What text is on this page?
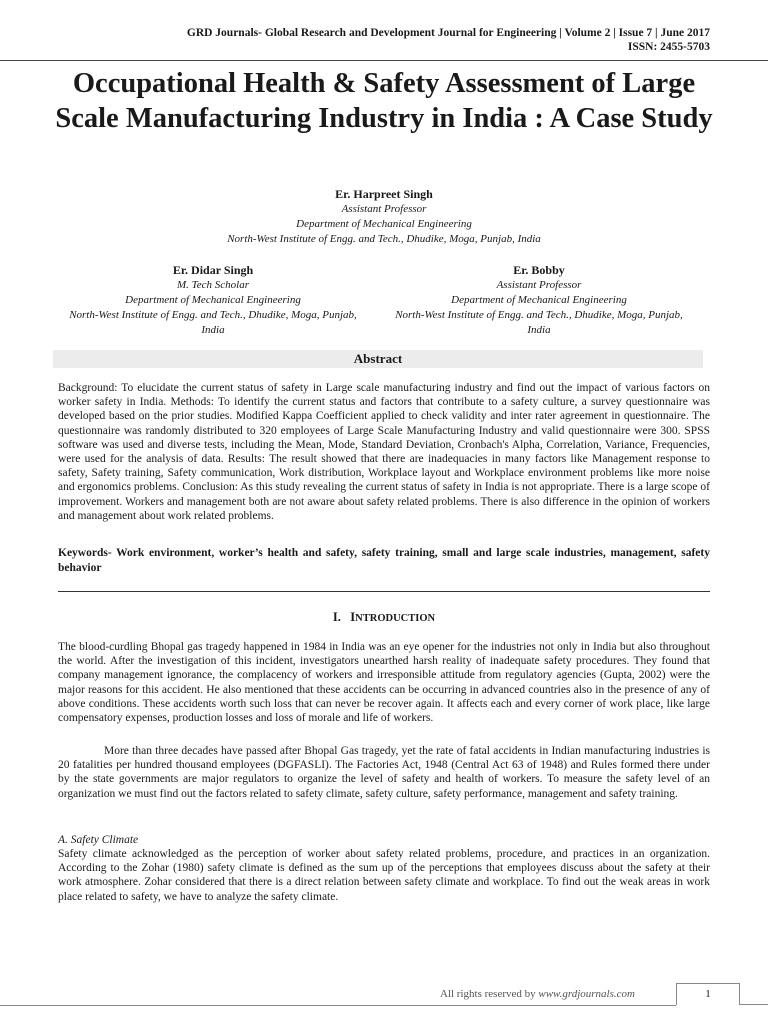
GRD Journals- Global Research and Development Journal for Engineering | Volume 2 | Issue 7 | June 2017
ISSN: 2455-5703
Occupational Health & Safety Assessment of Large Scale Manufacturing Industry in India : A Case Study
Er. Harpreet Singh
Assistant Professor
Department of Mechanical Engineering
North-West Institute of Engg. and Tech., Dhudike, Moga, Punjab, India
Er. Didar Singh
M. Tech Scholar
Department of Mechanical Engineering
North-West Institute of Engg. and Tech., Dhudike, Moga, Punjab, India
Er. Bobby
Assistant Professor
Department of Mechanical Engineering
North-West Institute of Engg. and Tech., Dhudike, Moga, Punjab, India
Abstract

Background: To elucidate the current status of safety in Large scale manufacturing industry and find out the impact of various factors on worker safety in India. Methods: To identify the current status and factors that contribute to a safety culture, a survey questionnaire was developed based on the prior studies. Modified Kappa Coefficient applied to check validity and inter rater agreement in questionnaire. The questionnaire was randomly distributed to 320 employees of Large Scale Manufacturing Industry and valid questionnaire were 300. SPSS software was used and diverse tests, including the Mean, Mode, Standard Deviation, Cronbach's Alpha, Correlation, Variance, Frequencies, were used for the analysis of data. Results: The result showed that there are inadequacies in many factors like Management response to safety, Safety training, Safety communication, Work distribution, Workplace layout and Workplace environment problems like more noise and ergonomics problems. Conclusion: As this study revealing the current status of safety in India is not appropriate. There is a large scope of improvement. Workers and management both are not aware about safety related problems. There is also difference in the opinion of workers and management about work related problems.

Keywords- Work environment, worker’s health and safety, safety training, small and large scale industries, management, safety behavior

I. INTRODUCTION

The blood-curdling Bhopal gas tragedy happened in 1984 in India was an eye opener for the industries not only in India but also throughout the world. After the investigation of this incident, investigators unearthed harsh reality of inadequate safety procedures. They found that company management ignorance, the complacency of workers and irresponsible attitude from regulatory agencies (Gupta, 2002) were the major reasons for this accident. He also mentioned that these accidents can be occurring in advanced countries also in the presence of any of above conditions. These accidents worth such loss that can never be recover again. It affects each and every corner of work place, like large compensatory expenses, production losses and loss of morale and life of workers.

More than three decades have passed after Bhopal Gas tragedy, yet the rate of fatal accidents in Indian manufacturing industries is 20 fatalities per hundred thousand employees (DGFASLI). The Factories Act, 1948 (Central Act 63 of 1948) and Rules formed there under by the state governments are major regulators to organize the level of safety and health of workers. To measure the safety level of an organization we must find out the factors related to safety climate, safety culture, safety performance, management and safety training.

A. Safety Climate

Safety climate acknowledged as the perception of worker about safety related problems, procedure, and practices in an organization. According to the Zohar (1980) safety climate is defined as the sum up of the perceptions that employees discuss about the safety at their work atmosphere. Zohar considered that there is a direct relation between safety climate and workplace. To find out the weak areas in work place related to safety, we have to analyze the safety climate.

All rights reserved by www.grdjournals.com	1
